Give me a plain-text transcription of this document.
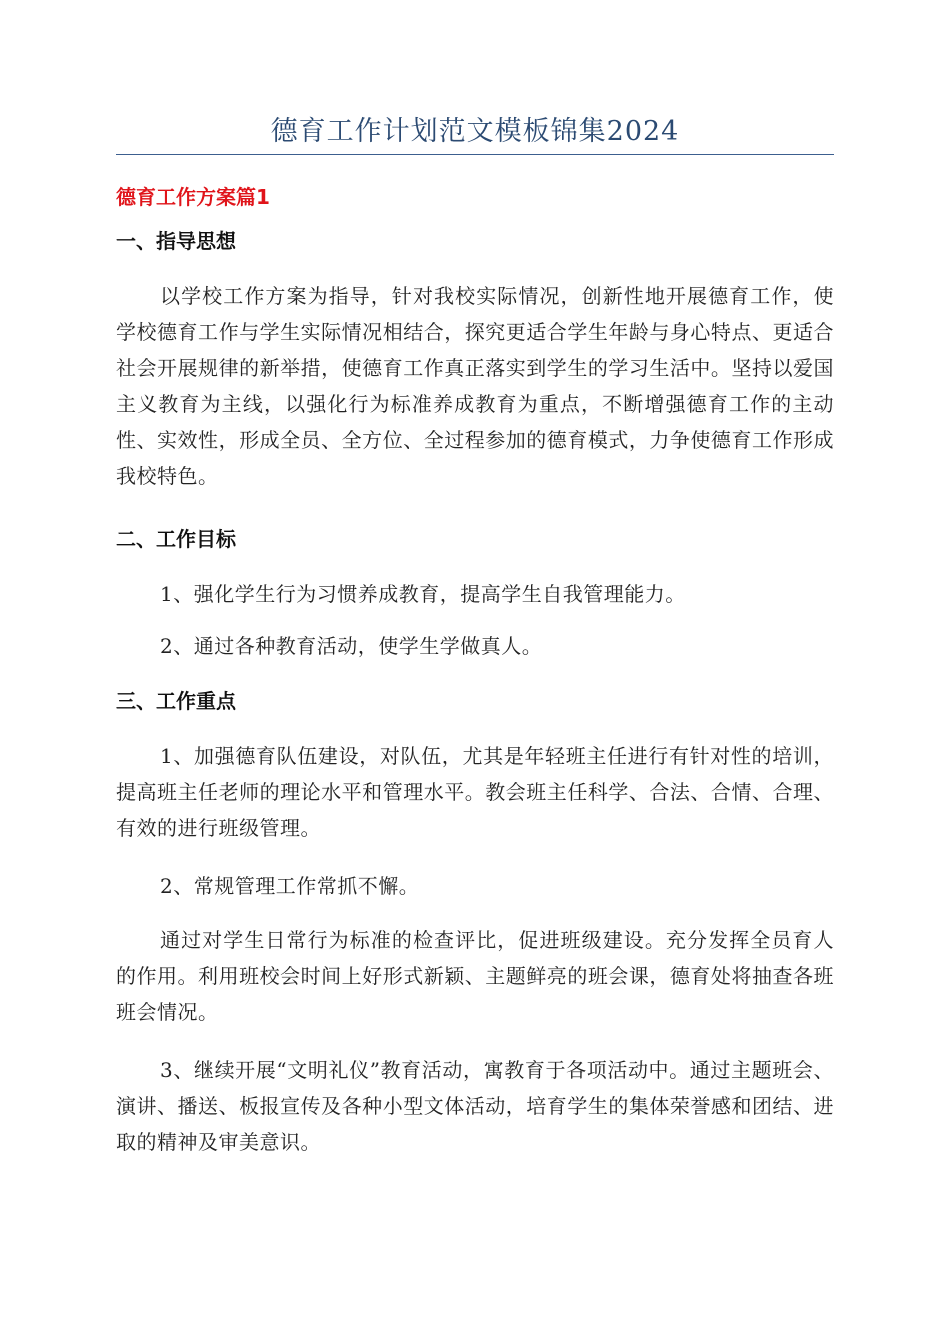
德育工作计划范文模板锦集2024
德育工作方案篇1
一、指导思想
以学校工作方案为指导，针对我校实际情况，创新性地开展德育工作，使学校德育工作与学生实际情况相结合，探究更适合学生年龄与身心特点、更适合社会开展规律的新举措，使德育工作真正落实到学生的学习生活中。坚持以爱国主义教育为主线，以强化行为标准养成教育为重点，不断增强德育工作的主动性、实效性，形成全员、全方位、全过程参加的德育模式，力争使德育工作形成我校特色。
二、工作目标
1、强化学生行为习惯养成教育，提高学生自我管理能力。
2、通过各种教育活动，使学生学做真人。
三、工作重点
1、加强德育队伍建设，对队伍，尤其是年轻班主任进行有针对性的培训，提高班主任老师的理论水平和管理水平。教会班主任科学、合法、合情、合理、有效的进行班级管理。
2、常规管理工作常抓不懈。
通过对学生日常行为标准的检查评比，促进班级建设。充分发挥全员育人的作用。利用班校会时间上好形式新颖、主题鲜亮的班会课，德育处将抽查各班班会情况。
3、继续开展“文明礼仪”教育活动，寓教育于各项活动中。通过主题班会、演讲、播送、板报宣传及各种小型文体活动，培育学生的集体荣誉感和团结、进取的精神及审美意识。
